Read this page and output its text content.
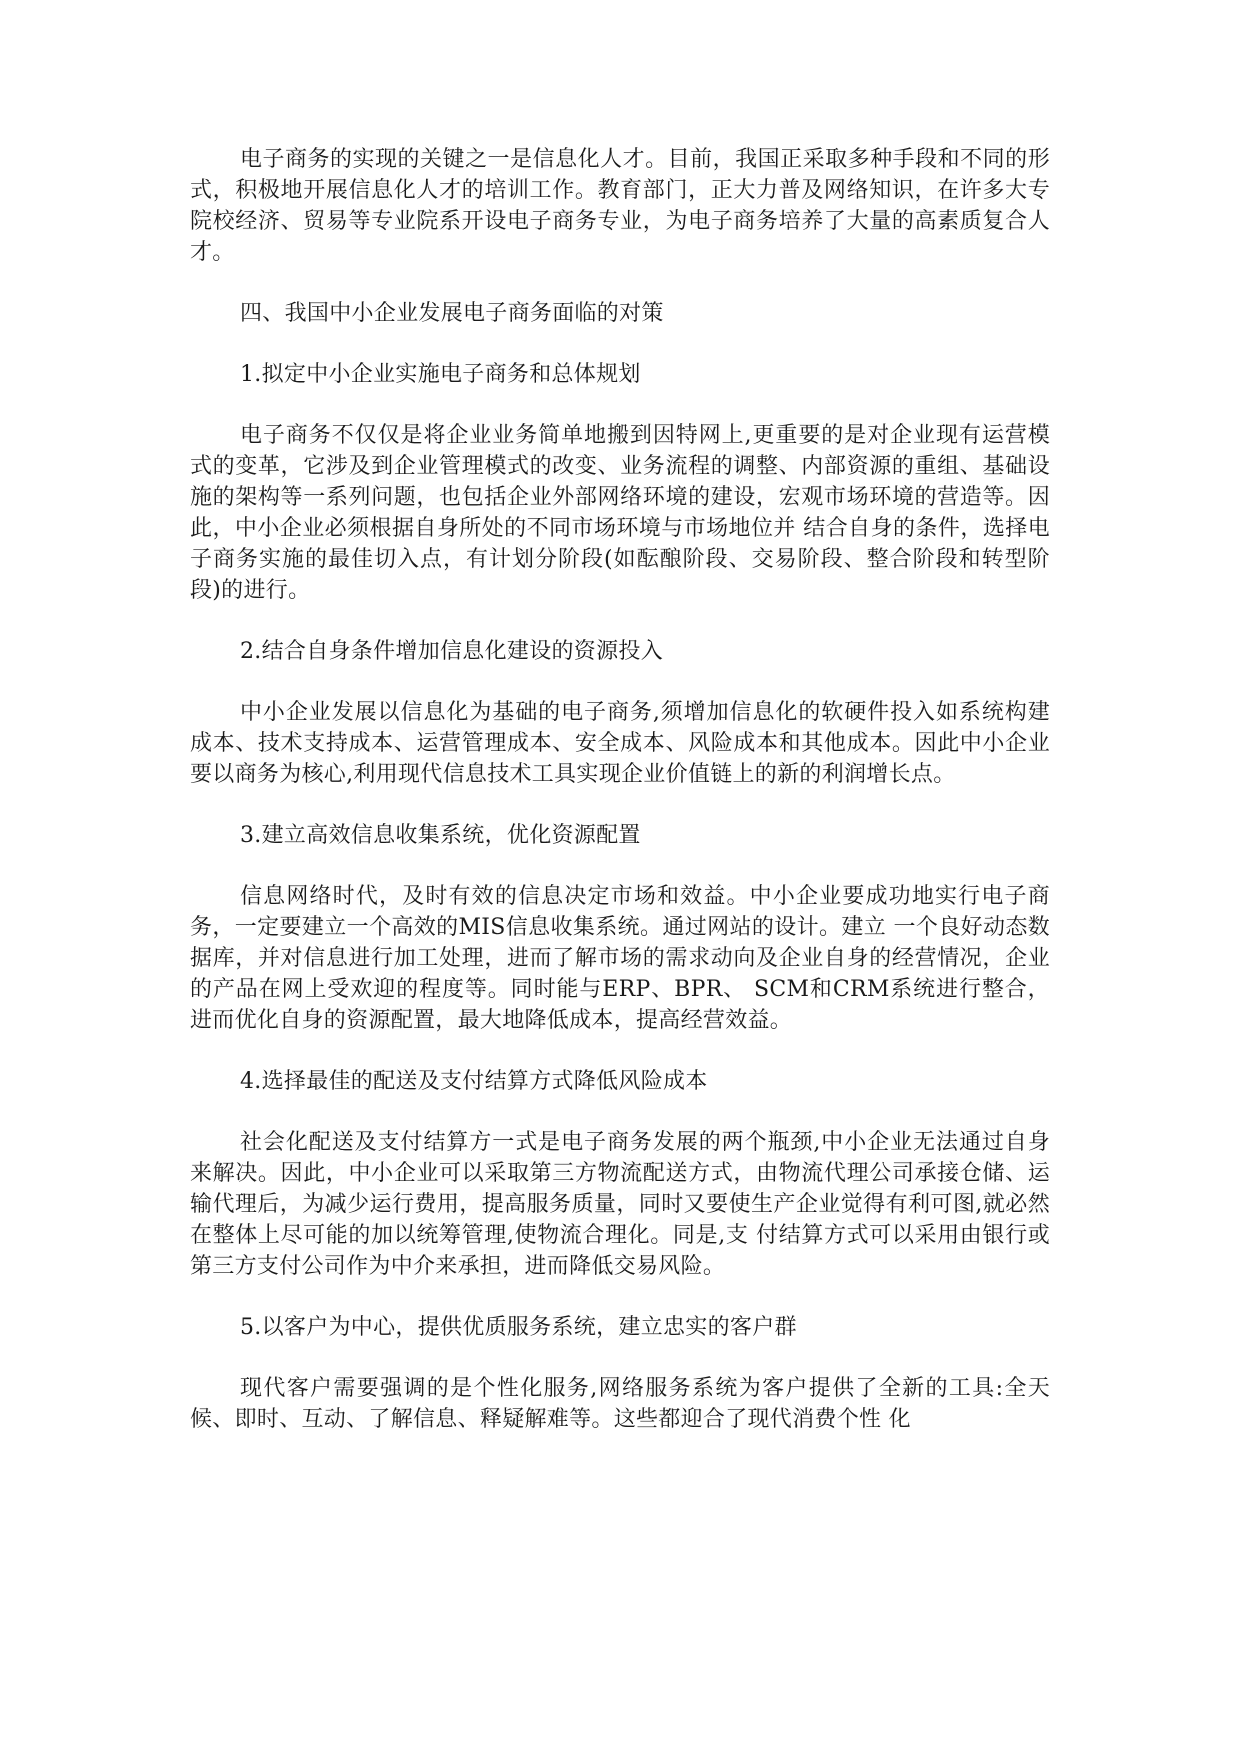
电子商务的实现的关键之一是信息化人才。目前，我国正采取多种手段和不同的形式，积极地开展信息化人才的培训工作。教育部门，正大力普及网络知识，在许多大专院校经济、贸易等专业院系开设电子商务专业，为电子商务培养了大量的高素质复合人才。

四、我国中小企业发展电子商务面临的对策

1.拟定中小企业实施电子商务和总体规划

电子商务不仅仅是将企业业务简单地搬到因特网上,更重要的是对企业现有运营模式的变革，它涉及到企业管理模式的改变、业务流程的调整、内部资源的重组、基础设施的架构等一系列问题，也包括企业外部网络环境的建设，宏观市场环境的营造等。因此，中小企业必须根据自身所处的不同市场环境与市场地位并 结合自身的条件，选择电子商务实施的最佳切入点，有计划分阶段(如酝酿阶段、交易阶段、整合阶段和转型阶段)的进行。

2.结合自身条件增加信息化建设的资源投入

中小企业发展以信息化为基础的电子商务,须增加信息化的软硬件投入如系统构建成本、技术支持成本、运营管理成本、安全成本、风险成本和其他成本。因此中小企业要以商务为核心,利用现代信息技术工具实现企业价值链上的新的利润增长点。

3.建立高效信息收集系统，优化资源配置

信息网络时代，及时有效的信息决定市场和效益。中小企业要成功地实行电子商务，一定要建立一个高效的MIS信息收集系统。通过网站的设计。建立 一个良好动态数据库，并对信息进行加工处理，进而了解市场的需求动向及企业自身的经营情况，企业的产品在网上受欢迎的程度等。同时能与ERP、BPR、 SCM和CRM系统进行整合，进而优化自身的资源配置，最大地降低成本，提高经营效益。

4.选择最佳的配送及支付结算方式降低风险成本

社会化配送及支付结算方一式是电子商务发展的两个瓶颈,中小企业无法通过自身来解决。因此，中小企业可以采取第三方物流配送方式，由物流代理公司承接仓储、运输代理后，为减少运行费用，提高服务质量，同时又要使生产企业觉得有利可图,就必然在整体上尽可能的加以统筹管理,使物流合理化。同是,支 付结算方式可以采用由银行或第三方支付公司作为中介来承担，进而降低交易风险。

5.以客户为中心，提供优质服务系统，建立忠实的客户群

现代客户需要强调的是个性化服务,网络服务系统为客户提供了全新的工具:全天候、即时、互动、了解信息、释疑解难等。这些都迎合了现代消费个性 化
